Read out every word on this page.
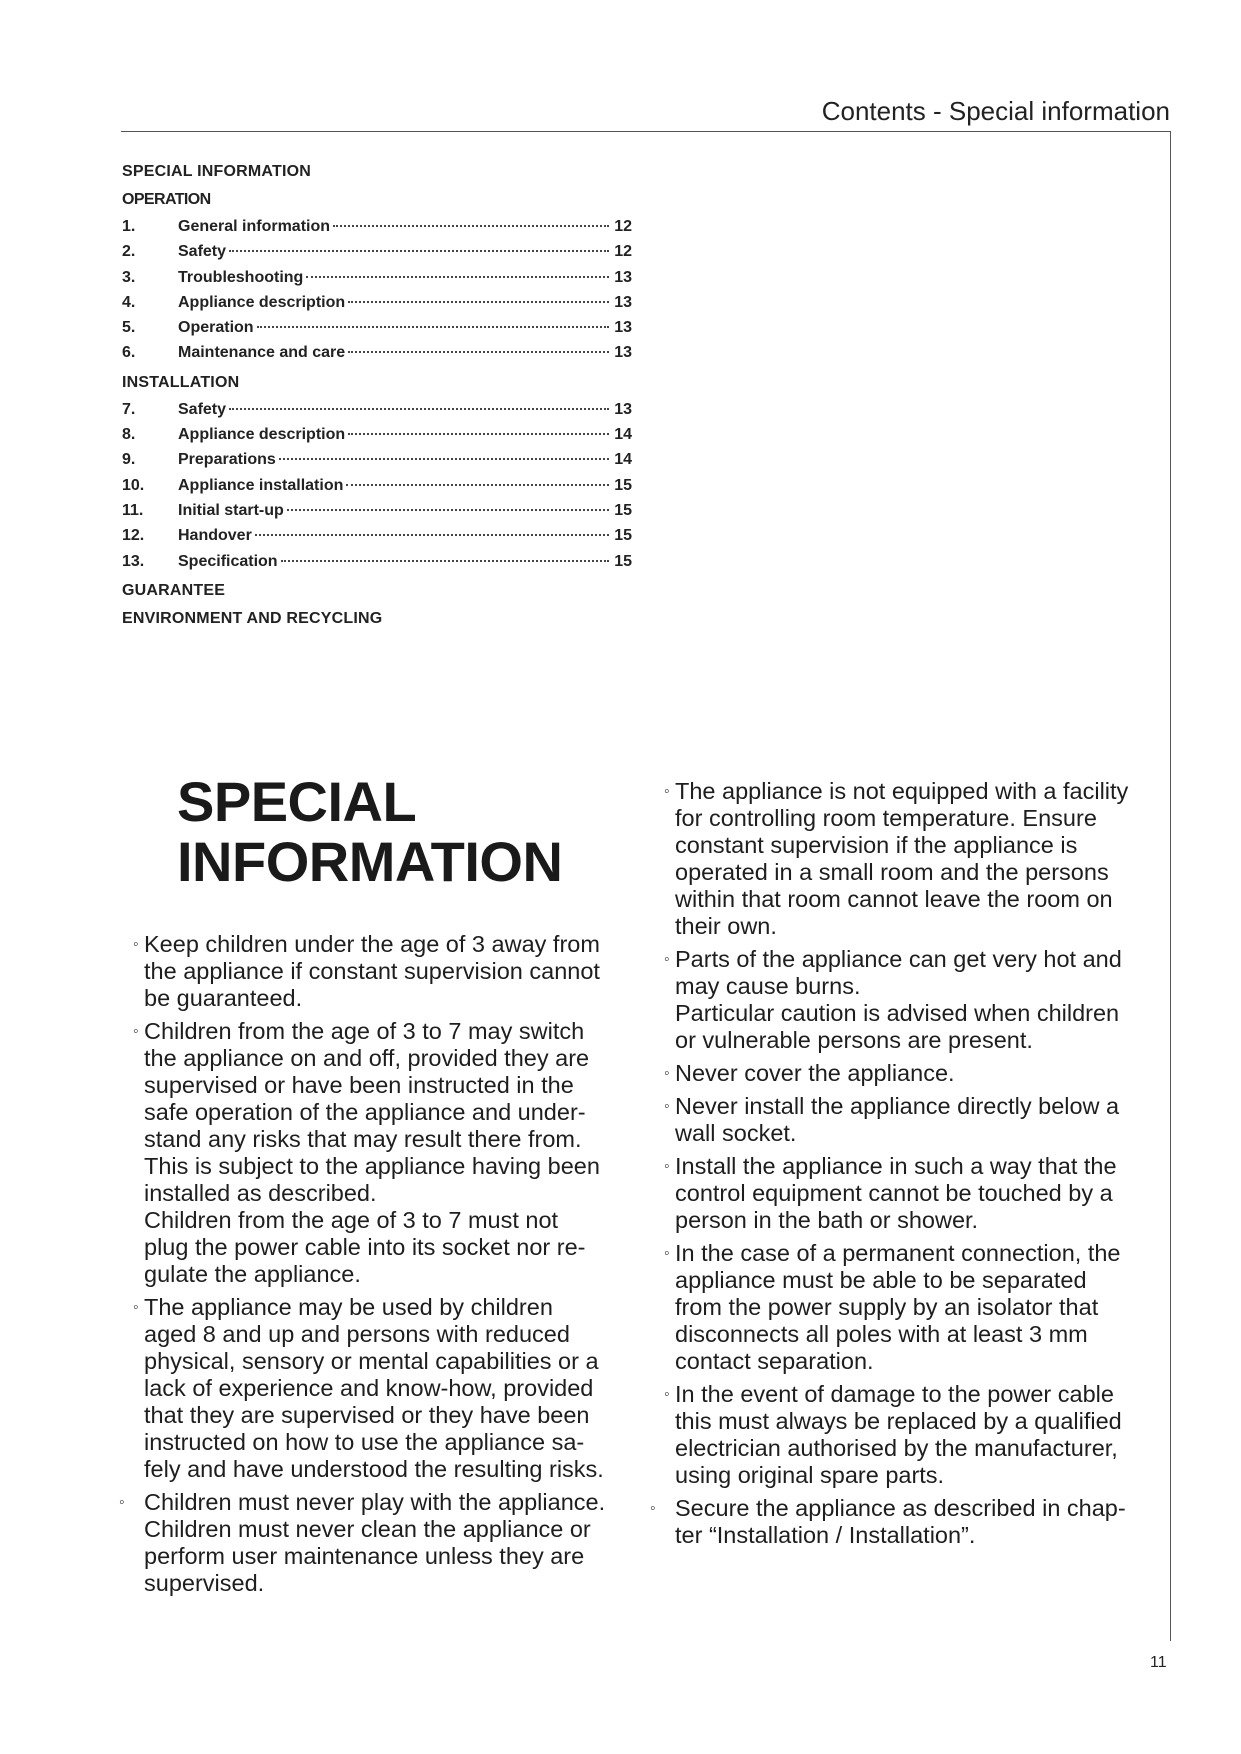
Contents - Special information
SPECIAL INFORMATION
OPERATION
1.	General information	12
2.	Safety	12
3.	Troubleshooting	13
4.	Appliance description	13
5.	Operation	13
6.	Maintenance and care	13
INSTALLATION
7.	Safety	13
8.	Appliance description	14
9.	Preparations	14
10.	Appliance installation	15
11.	Initial start-up	15
12.	Handover	15
13.	Specification	15
GUARANTEE
ENVIRONMENT AND RECYCLING
SPECIAL
INFORMATION

◦ Keep children under the age of 3 away from
the appliance if constant supervision cannot
be guaranteed.

◦ Children from the age of 3 to 7 may switch
the appliance on and off, provided they are
supervised or have been instructed in the
safe operation of the appliance and under-
stand any risks that may result there from.
This is subject to the appliance having been
installed as described.
Children from the age of 3 to 7 must not
plug the power cable into its socket nor re-
gulate the appliance.

◦ The appliance may be used by children
aged 8 and up and persons with reduced
physical, sensory or mental capabilities or a
lack of experience and know-how, provided
that they are supervised or they have been
instructed on how to use the appliance sa-
fely and have understood the resulting risks.

◦ Children must never play with the appliance.
Children must never clean the appliance or
perform user maintenance unless they are
supervised.

◦ The appliance is not equipped with a facility
for controlling room temperature. Ensure
constant supervision if the appliance is
operated in a small room and the persons
within that room cannot leave the room on
their own.

◦ Parts of the appliance can get very hot and
may cause burns.
Particular caution is advised when children
or vulnerable persons are present.

◦ Never cover the appliance.

◦ Never install the appliance directly below a
wall socket.

◦ Install the appliance in such a way that the
control equipment cannot be touched by a
person in the bath or shower.

◦ In the case of a permanent connection, the
appliance must be able to be separated
from the power supply by an isolator that
disconnects all poles with at least 3 mm
contact separation.

◦ In the event of damage to the power cable
this must always be replaced by a qualified
electrician authorised by the manufacturer,
using original spare parts.

◦ Secure the appliance as described in chap-
ter “Installation / Installation”.

11
